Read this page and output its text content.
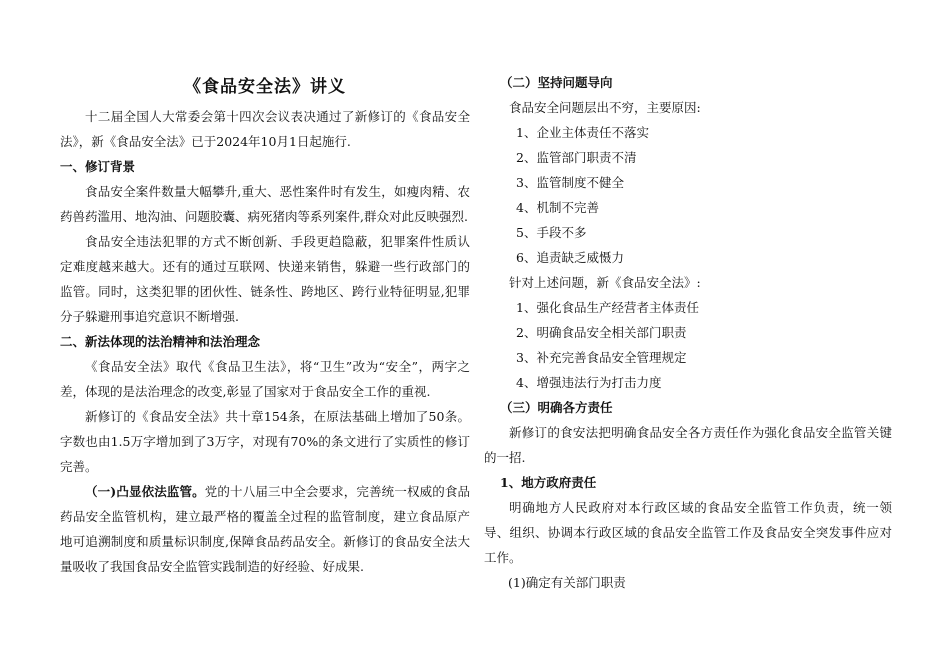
《食品安全法》讲义

十二届全国人大常委会第十四次会议表决通过了新修订的《食品安全法》，新《食品安全法》已于2024年10月1日起施行.

一、修订背景

食品安全案件数量大幅攀升,重大、恶性案件时有发生，如瘦肉精、农药兽药滥用、地沟油、问题胶囊、病死猪肉等系列案件,群众对此反映强烈.

食品安全违法犯罪的方式不断创新、手段更趋隐蔽，犯罪案件性质认定难度越来越大。还有的通过互联网、快递来销售，躲避一些行政部门的监管。同时，这类犯罪的团伙性、链条性、跨地区、跨行业特征明显,犯罪分子躲避刑事追究意识不断增强.

二、新法体现的法治精神和法治理念

《食品安全法》取代《食品卫生法》，将“卫生”改为“安全”，两字之差，体现的是法治理念的改变,彰显了国家对于食品安全工作的重视.

新修订的《食品安全法》共十章154条，在原法基础上增加了50条。字数也由1.5万字增加到了3万字，对现有70%的条文进行了实质性的修订完善。

（一)凸显依法监管。党的十八届三中全会要求，完善统一权威的食品药品安全监管机构，建立最严格的覆盖全过程的监管制度，建立食品原产地可追溯制度和质量标识制度,保障食品药品安全。新修订的食品安全法大量吸收了我国食品安全监管实践制造的好经验、好成果.

（二）坚持问题导向

食品安全问题层出不穷，主要原因:

1、企业主体责任不落实

2、监管部门职责不清

3、监管制度不健全

4、机制不完善

5、手段不多

6、追责缺乏威慑力

针对上述问题，新《食品安全法》:

1、强化食品生产经营者主体责任

2、明确食品安全相关部门职责

3、补充完善食品安全管理规定

4、增强违法行为打击力度

（三）明确各方责任

新修订的食安法把明确食品安全各方责任作为强化食品安全监管关键的一招.

1、地方政府责任

明确地方人民政府对本行政区域的食品安全监管工作负责，统一领导、组织、协调本行政区域的食品安全监管工作及食品安全突发事件应对工作。

(1)确定有关部门职责
